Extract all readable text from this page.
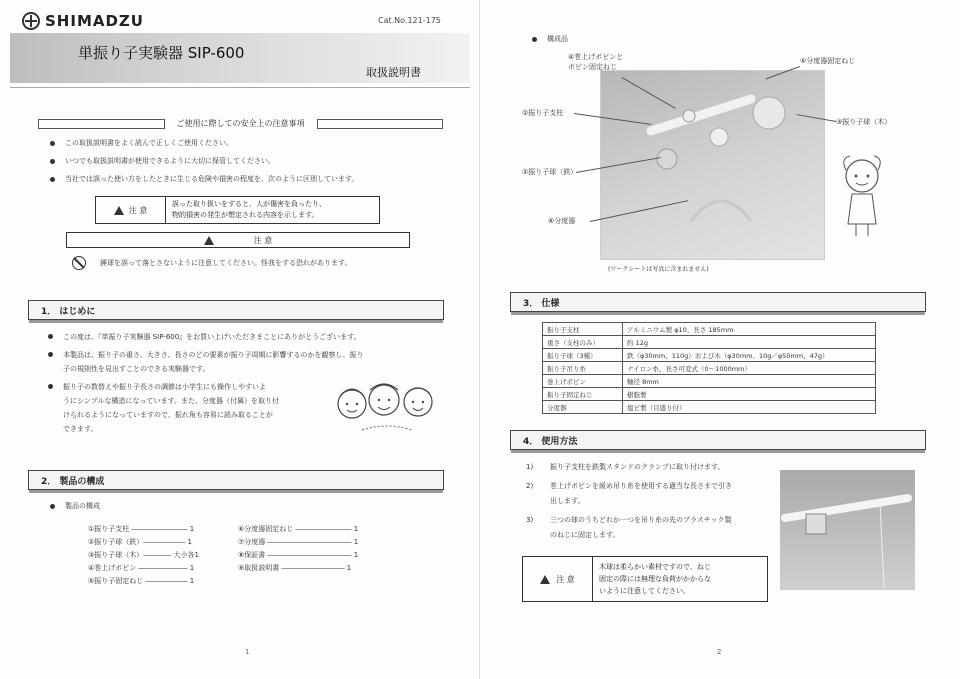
SHIMADZU	Cat.No.121-175
単振り子実験器 SIP-600
取扱説明書
ご使用に際しての安全上の注意事項
この取扱説明書をよく読んで正しくご使用ください。
いつでも取扱説明書が使用できるように大切に保管してください。
当社では誤った使い方をしたときに生じる危険や損害の程度を、次のように区別しています。
注 意
誤った取り扱いをすると、人が傷害を負ったり、
物的損害の発生が想定される内容を示します。
注 意
錘球を誤って落とさないように注意してください。怪我をする恐れがあります。
1． はじめに
この度は、『単振り子実験器 SIP-600』をお買い上げいただきまことにありがとうございます。
本製品は、振り子の重さ、大きさ、長さのどの要素が振り子周期に影響するのかを観察し、振り
子の規則性を見出すことのできる実験器です。
振り子の数替えや振り子長さの調節は小学生にも操作しやすいよ
うにシンプルな構造になっています。また、分度器（付属）を取り付
けられるようになっていますので、振れ角も容易に読み取ることが
できます。
2． 製品の構成
製品の構成
①振り子支柱 ―――――――― 1	⑥分度器固定ねじ ―――――――― 1
②振り子球（鉄）―――――― 1	⑦分度器 ―――――――――――― 1
③振り子球（木）―――― 大小各1	⑧保証書 ―――――――――――― 1
④巻上げボビン ――――――― 1	⑨取扱説明書 ――――――――― 1
⑤振り子固定ねじ ―――――― 1
1
構成品
④巻上げボビンと
ボビン固定ねじ
⑤分度器固定ねじ
①振り子支柱
③振り子球（木）
②振り子球（鉄）
⑥分度器
(ワークシートは写真に含まれません)
3． 仕様
振り子支柱	アルミニウム製 φ10、長さ 185mm
重さ（支柱のみ）	約 12g
振り子球（3種）	鉄（φ30mm、110g）および木（φ30mm、10g／φ50mm、47g）
振り子吊り糸	ナイロン糸、長さ可変式（0〜1000mm）
巻上げボビン	軸径 8mm
振り子固定ねじ	樹脂製
分度器	塩ビ製（目盛り付）
4． 使用方法
1)	振り子支柱を鉄製スタンドのクランプに取り付けます。
2)	巻上げボビンを緩め吊り糸を使用する適当な長さまで引き
出します。
3)	三つの球のうちどれか一つを吊り糸の先のプラスチック製
のねじに固定します。
注 意
木球は柔らかい素材ですので、ねじ
固定の際には無理な負荷がかからな
いように注意してください。
2
